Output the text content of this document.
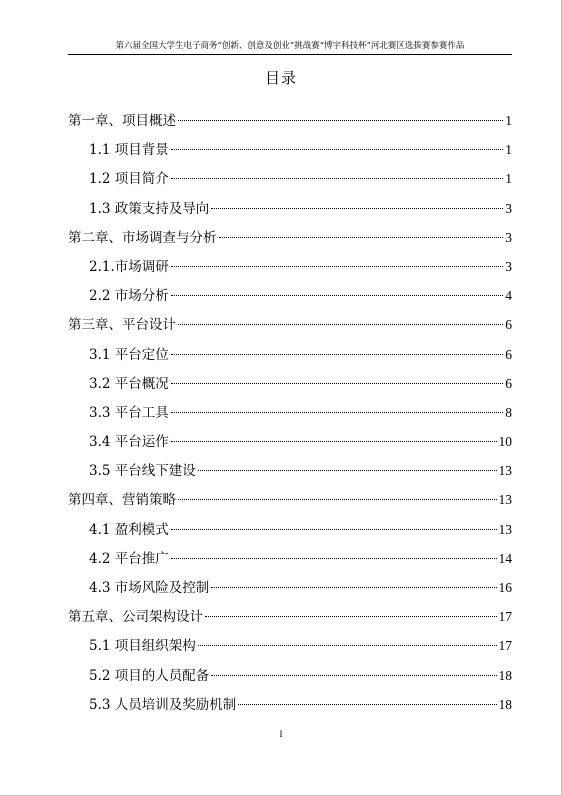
第六届全国大学生电子商务“创新、创意及创业”挑战赛“博宇科技杯”河北赛区选拔赛参赛作品
目录
第一章、项目概述	1
1.1 项目背景	1
1.2 项目简介	1
1.3 政策支持及导向	3
第二章、市场调查与分析	3
2.1.市场调研	3
2.2 市场分析	4
第三章、平台设计	6
3.1 平台定位	6
3.2 平台概况	6
3.3 平台工具	8
3.4 平台运作	10
3.5 平台线下建设	13
第四章、营销策略	13
4.1 盈利模式	13
4.2 平台推广	14
4.3 市场风险及控制	16
第五章、公司架构设计	17
5.1 项目组织架构	17
5.2 项目的人员配备	18
5.3 人员培训及奖励机制	18
I
